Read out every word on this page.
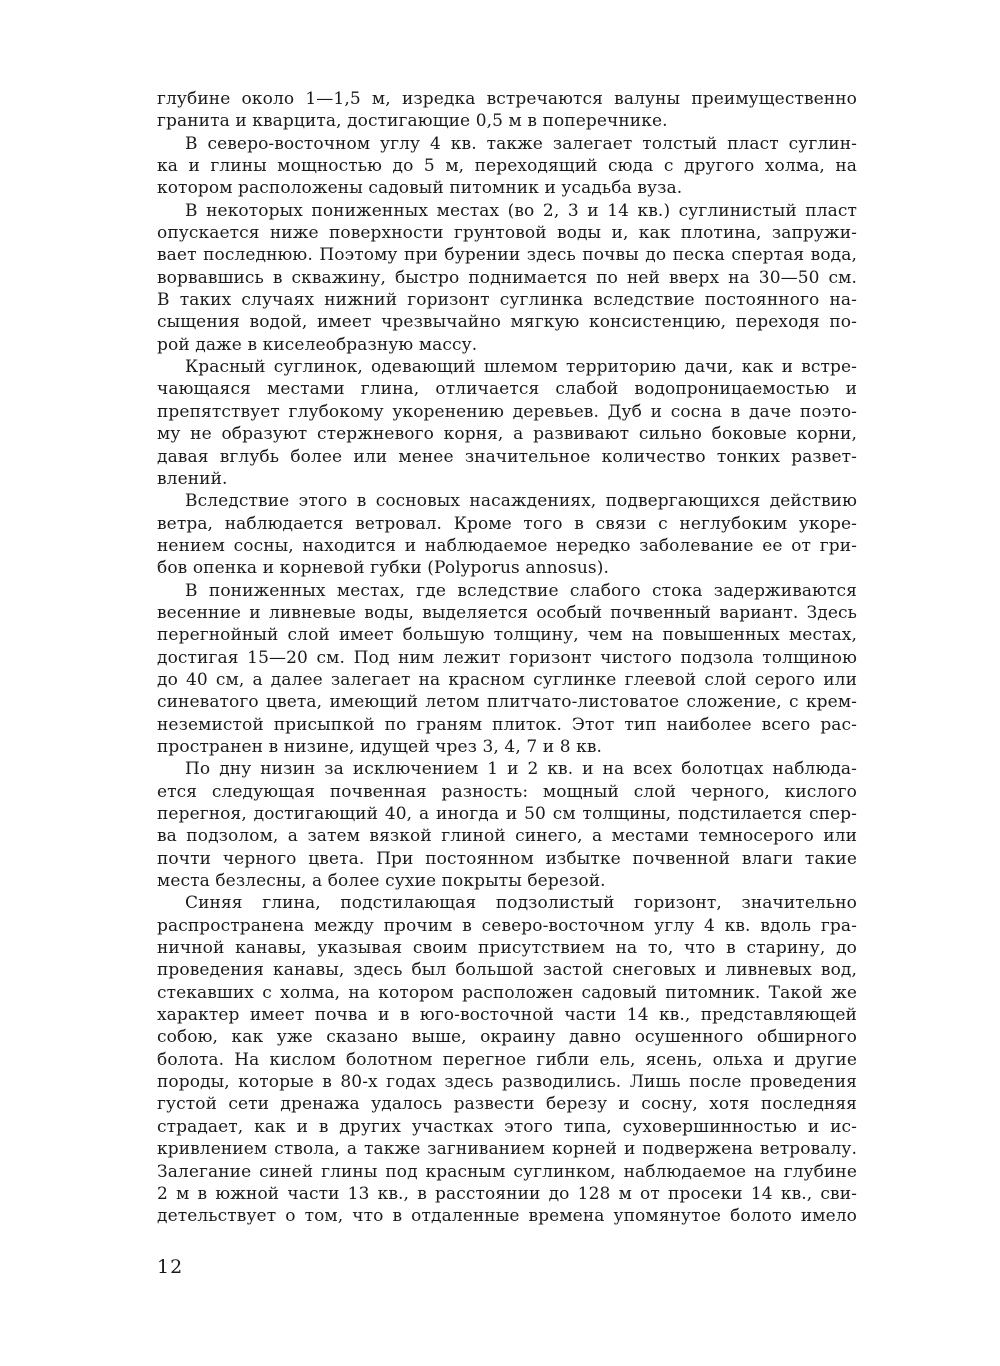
глубине около 1—1,5 м, изредка встречаются валуны преимущественно
гранита и кварцита, достигающие 0,5 м в поперечнике.
В северо-восточном углу 4 кв. также залегает толстый пласт суглин-
ка и глины мощностью до 5 м, переходящий сюда с другого холма, на
котором расположены садовый питомник и усадьба вуза.
В некоторых пониженных местах (во 2, 3 и 14 кв.) суглинистый пласт
опускается ниже поверхности грунтовой воды и, как плотина, запружи-
вает последнюю. Поэтому при бурении здесь почвы до песка спертая вода,
ворвавшись в скважину, быстро поднимается по ней вверх на 30—50 см.
В таких случаях нижний горизонт суглинка вследствие постоянного на-
сыщения водой, имеет чрезвычайно мягкую консистенцию, переходя по-
рой даже в киселеобразную массу.
Красный суглинок, одевающий шлемом территорию дачи, как и встре-
чающаяся местами глина, отличается слабой водопроницаемостью и
препятствует глубокому укоренению деревьев. Дуб и сосна в даче поэто-
му не образуют стержневого корня, а развивают сильно боковые корни,
давая вглубь более или менее значительное количество тонких развет-
влений.
Вследствие этого в сосновых насаждениях, подвергающихся действию
ветра, наблюдается ветровал. Кроме того в связи с неглубоким укоре-
нением сосны, находится и наблюдаемое нередко заболевание ее от гри-
бов опенка и корневой губки (Polyporus annosus).
В пониженных местах, где вследствие слабого стока задерживаются
весенние и ливневые воды, выделяется особый почвенный вариант. Здесь
перегнойный слой имеет большую толщину, чем на повышенных местах,
достигая 15—20 см. Под ним лежит горизонт чистого подзола толщиною
до 40 см, а далее залегает на красном суглинке глеевой слой серого или
синеватого цвета, имеющий летом плитчато-листоватое сложение, с крем-
неземистой присыпкой по граням плиток. Этот тип наиболее всего рас-
пространен в низине, идущей чрез 3, 4, 7 и 8 кв.
По дну низин за исключением 1 и 2 кв. и на всех болотцах наблюда-
ется следующая почвенная разность: мощный слой черного, кислого
перегноя, достигающий 40, а иногда и 50 см толщины, подстилается спер-
ва подзолом, а затем вязкой глиной синего, а местами темносерого или
почти черного цвета. При постоянном избытке почвенной влаги такие
места безлесны, а более сухие покрыты березой.
Синяя глина, подстилающая подзолистый горизонт, значительно
распространена между прочим в северо-восточном углу 4 кв. вдоль гра-
ничной канавы, указывая своим присутствием на то, что в старину, до
проведения канавы, здесь был большой застой снеговых и ливневых вод,
стекавших с холма, на котором расположен садовый питомник. Такой же
характер имеет почва и в юго-восточной части 14 кв., представляющей
собою, как уже сказано выше, окраину давно осушенного обширного
болота. На кислом болотном перегное гибли ель, ясень, ольха и другие
породы, которые в 80-х годах здесь разводились. Лишь после проведения
густой сети дренажа удалось развести березу и сосну, хотя последняя
страдает, как и в других участках этого типа, суховершинностью и ис-
кривлением ствола, а также загниванием корней и подвержена ветровалу.
Залегание синей глины под красным суглинком, наблюдаемое на глубине
2 м в южной части 13 кв., в расстоянии до 128 м от просеки 14 кв., сви-
детельствует о том, что в отдаленные времена упомянутое болото имело
12
